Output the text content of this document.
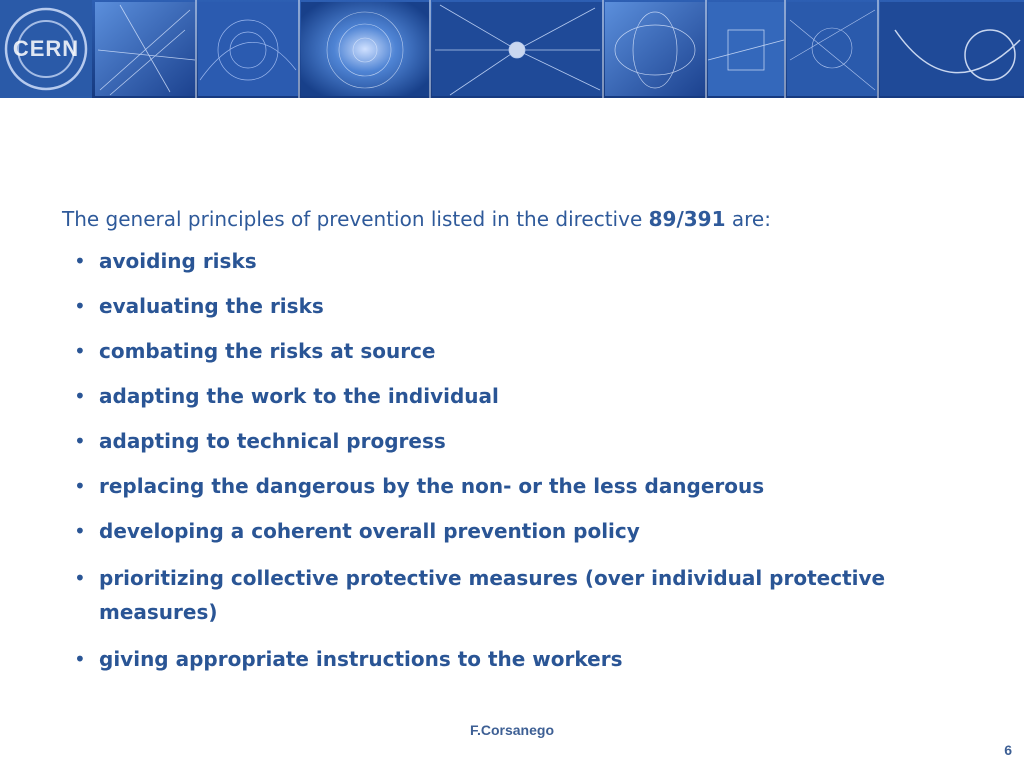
CERN

The general principles of prevention listed in the directive 89/391 are:

• avoiding risks
• evaluating the risks
• combating the risks at source
• adapting the work to the individual
• adapting to technical progress
• replacing the dangerous by the non- or the less dangerous
• developing a coherent overall prevention policy
• prioritizing collective protective measures (over individual protective measures)
• giving appropriate instructions to the workers
F.Corsanego
6
